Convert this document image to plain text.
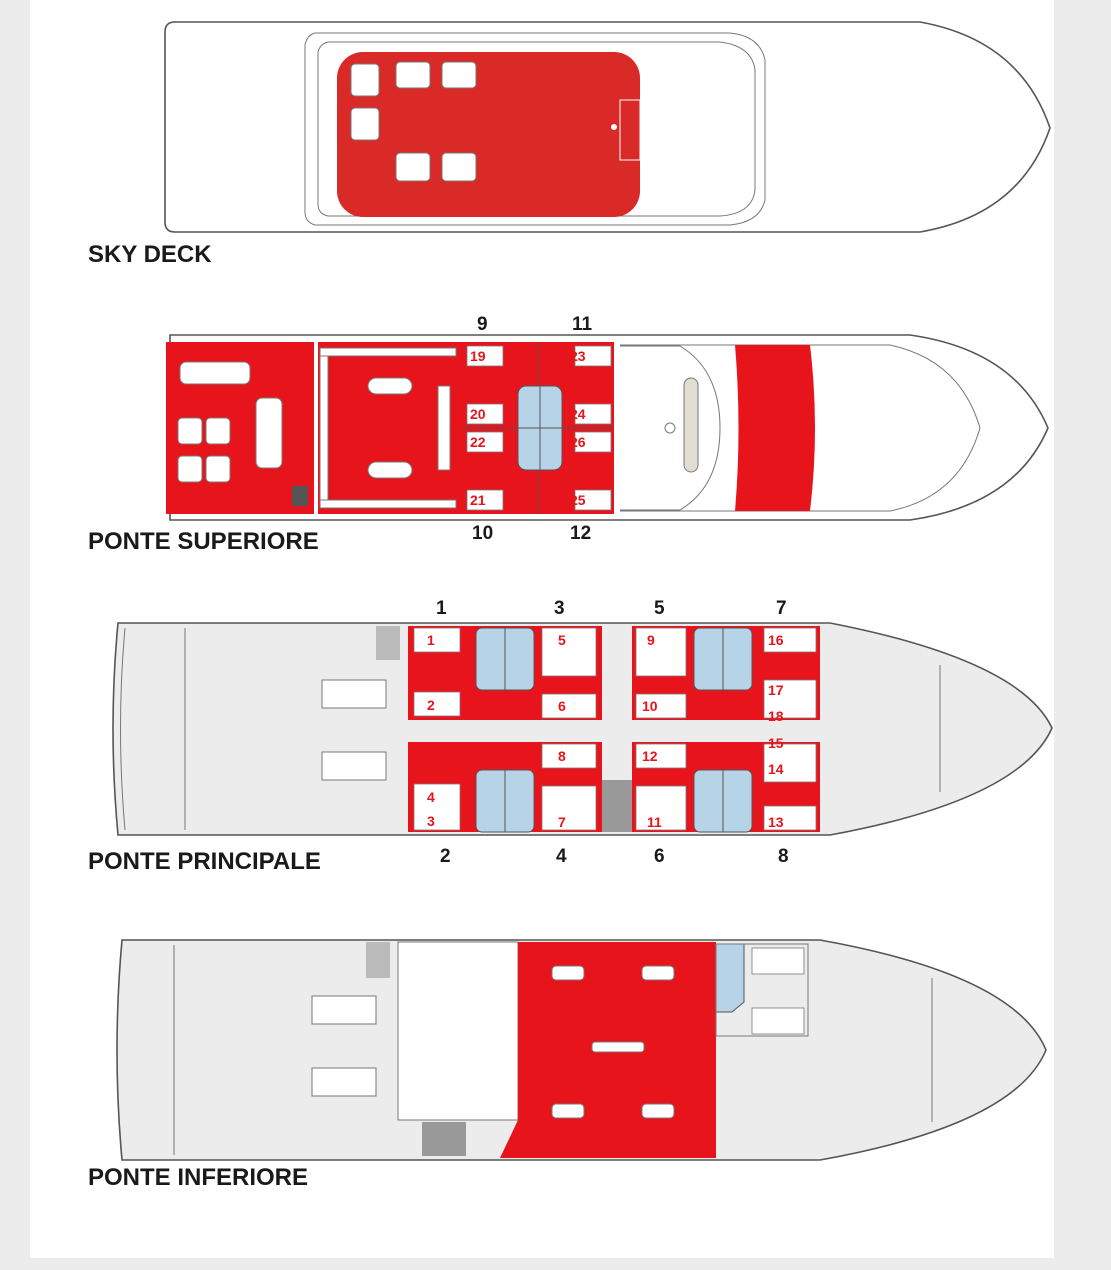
SKY DECK
9	11
10	12
19
20
22
21
23
24
26
25
PONTE SUPERIORE
1	3	5	7
2	4	6	8
1
2
5
6
4
3
8
7
9
10
12
11
16
17
18
15
14
13
PONTE PRINCIPALE
PONTE INFERIORE
